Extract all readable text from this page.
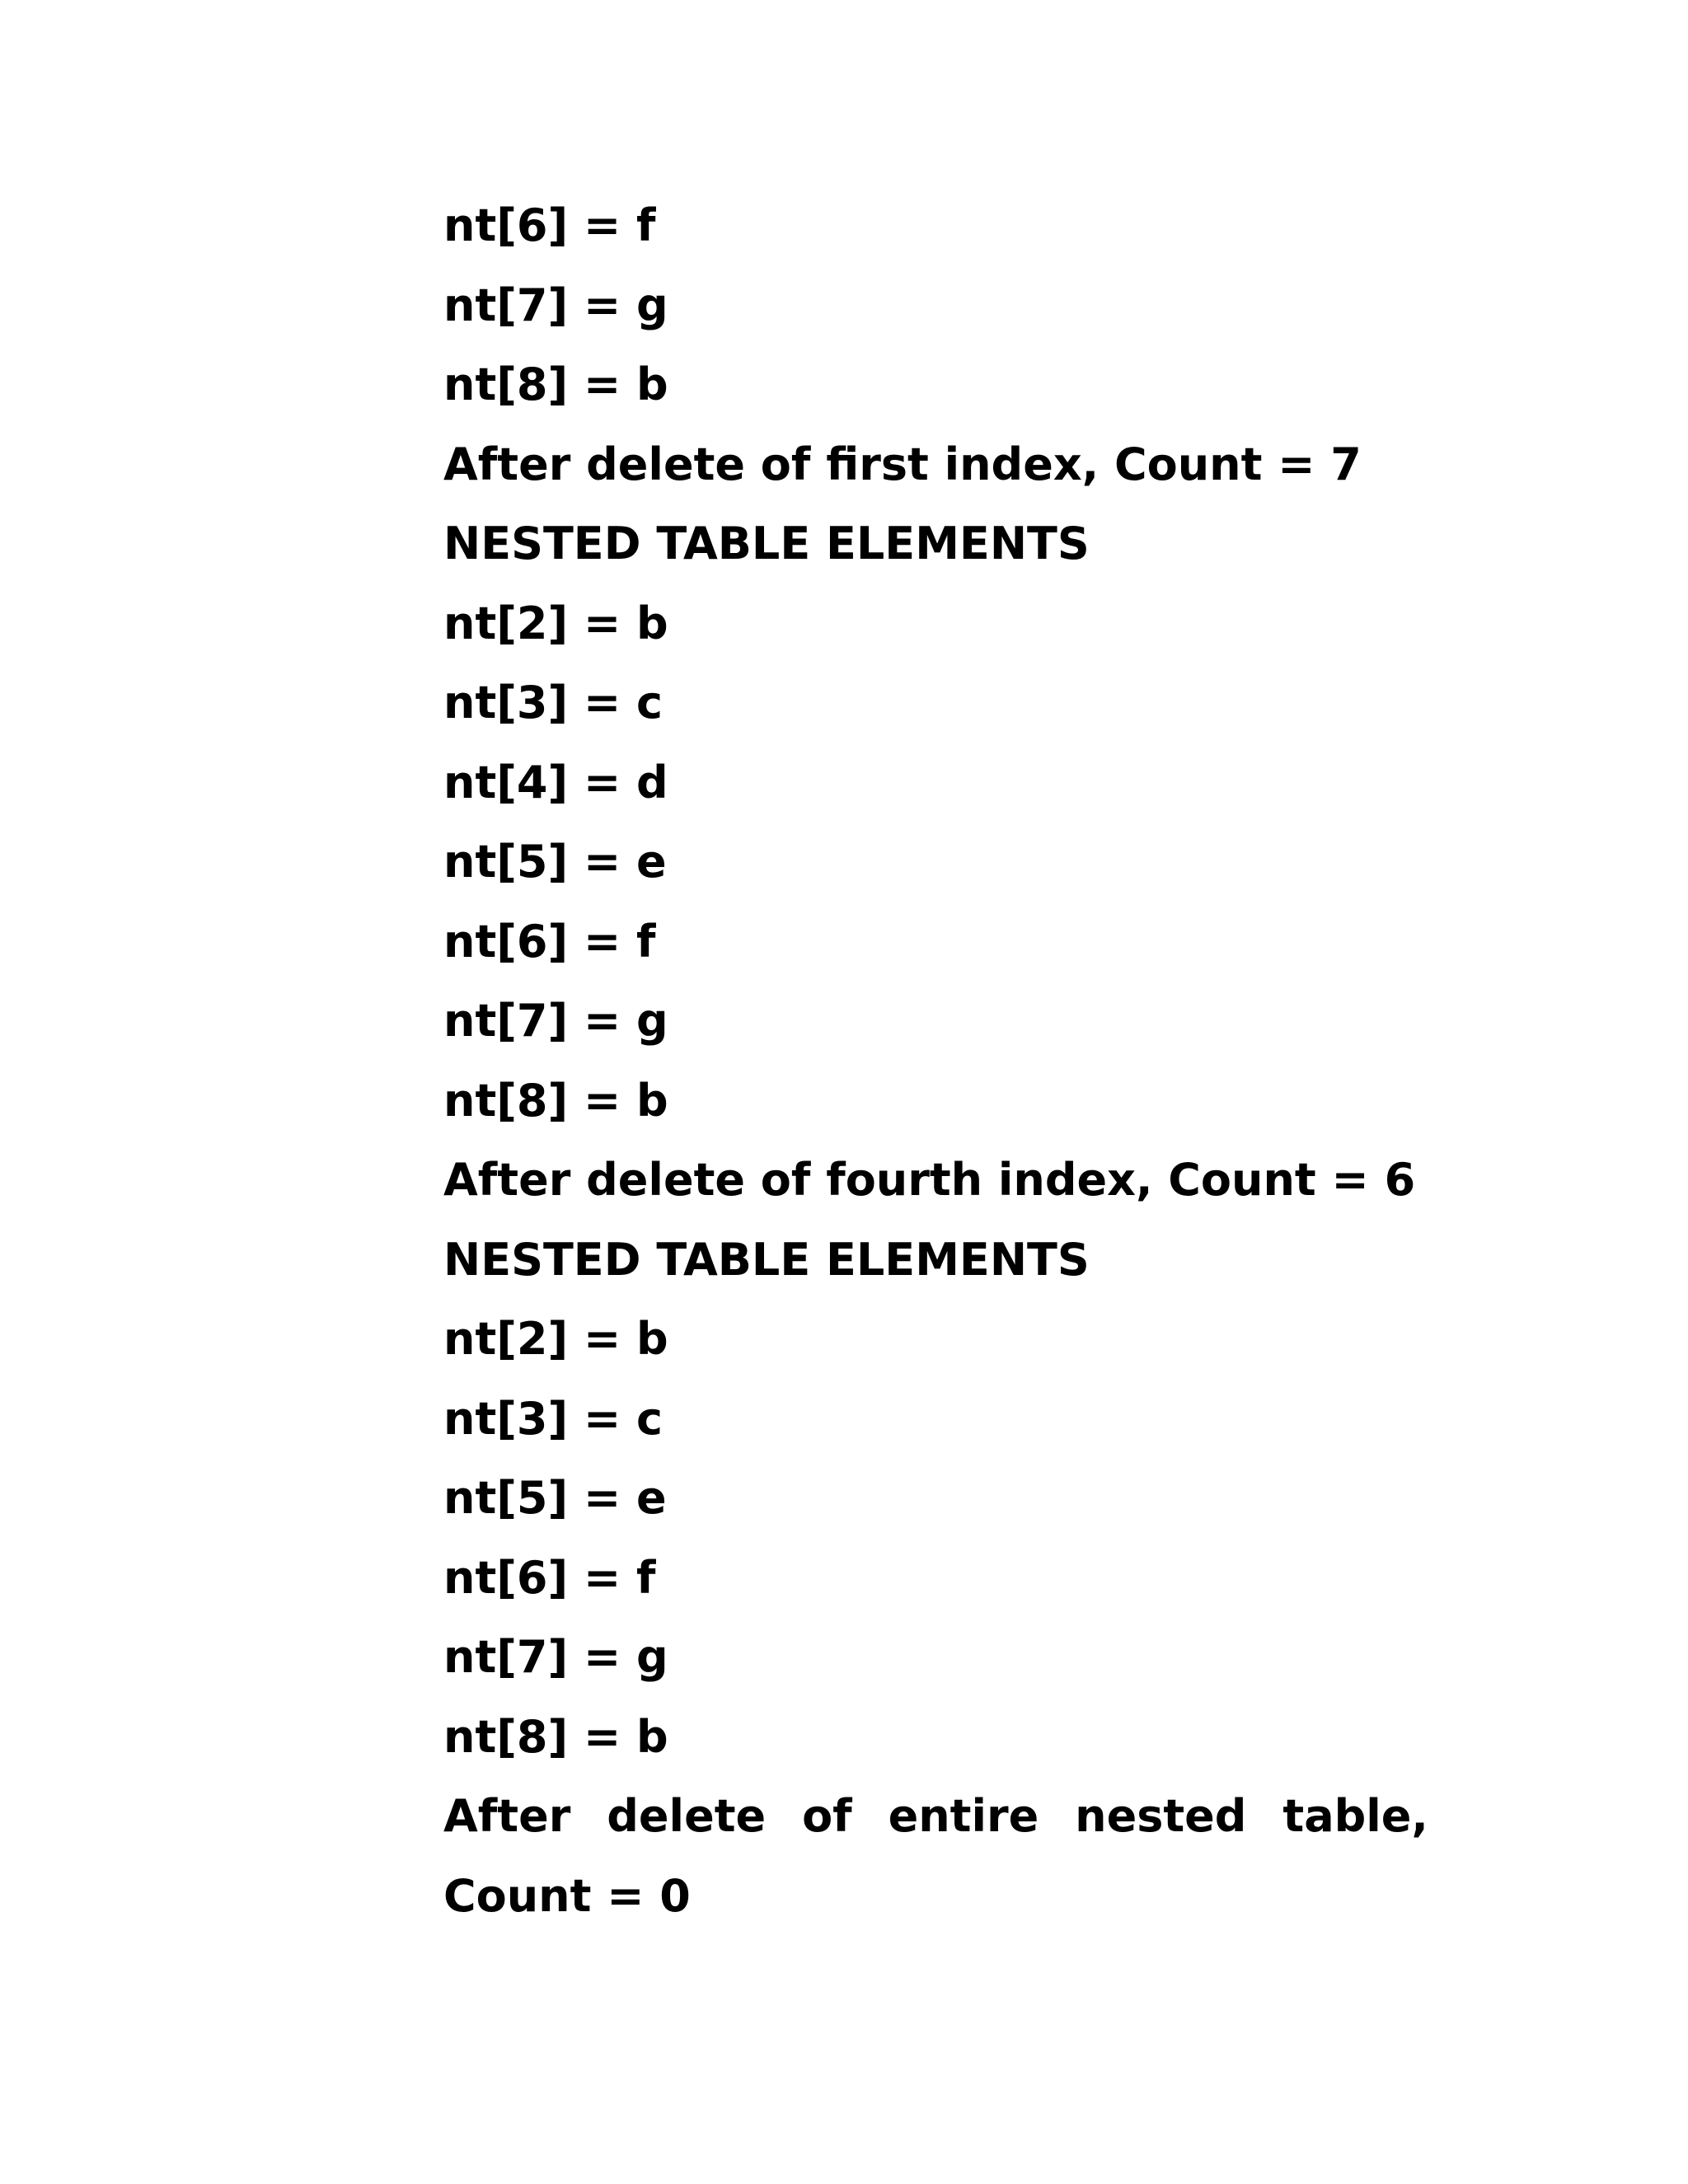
nt[6] = f

nt[7] = g

nt[8] = b

After delete of first index, Count = 7

NESTED TABLE ELEMENTS

nt[2] = b

nt[3] = c

nt[4] = d

nt[5] = e

nt[6] = f

nt[7] = g

nt[8] = b

After delete of fourth index, Count = 6

NESTED TABLE ELEMENTS

nt[2] = b

nt[3] = c

nt[5] = e

nt[6] = f

nt[7] = g

nt[8] = b

After delete of entire nested table,

Count = 0
